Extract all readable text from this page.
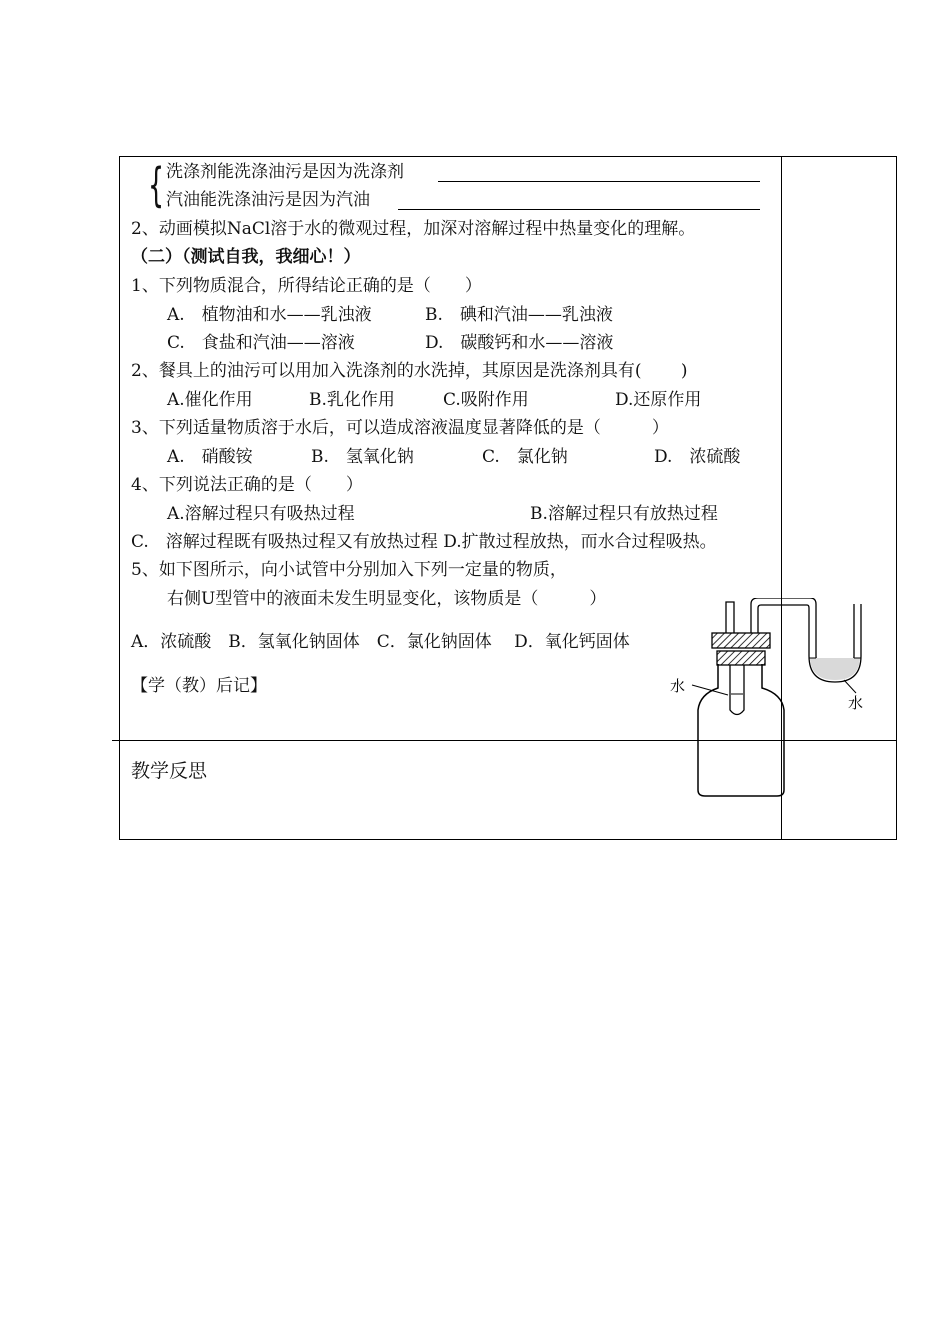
{ 洗涤剂能洗涤油污是因为洗涤剂
汽油能洗涤油污是因为汽油
2、动画模拟NaCl溶于水的微观过程，加深对溶解过程中热量变化的理解。
（二）（测试自我，我细心！）
1、下列物质混合，所得结论正确的是（　　）
A.　植物油和水——乳浊液	B.　碘和汽油——乳浊液
C.　食盐和汽油——溶液	D.　碳酸钙和水——溶液
2、餐具上的油污可以用加入洗涤剂的水洗掉，其原因是洗涤剂具有(　　 )
A.催化作用	B.乳化作用	C.吸附作用	D.还原作用
3、下列适量物质溶于水后，可以造成溶液温度显著降低的是（　　　）
A.　硝酸铵	B.　氢氧化钠	C.　氯化钠	D.　浓硫酸
4、下列说法正确的是（　　）
A.溶解过程只有吸热过程	B.溶解过程只有放热过程
C.　溶解过程既有吸热过程又有放热过程 D.扩散过程放热，而水合过程吸热。
5、如下图所示，向小试管中分别加入下列一定量的物质，
右侧U型管中的液面未发生明显变化，该物质是（　　　）
A．浓硫酸　B．氢氧化钠固体　C．氯化钠固体　 D．氧化钙固体
【学（教）后记】
教学反思
水
水
